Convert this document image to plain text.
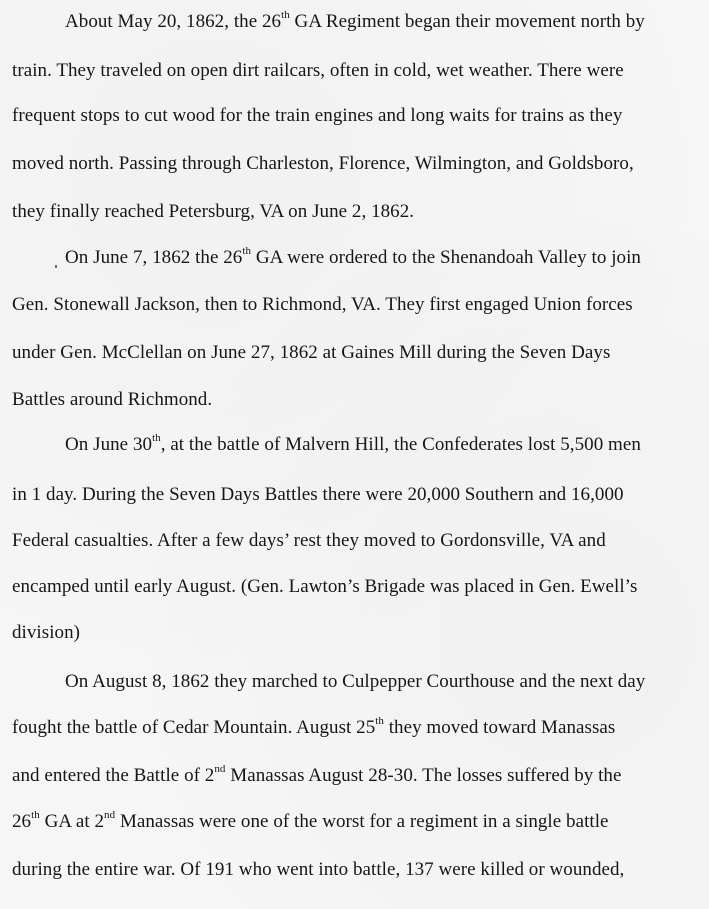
About May 20, 1862, the 26th GA Regiment began their movement north by
train. They traveled on open dirt railcars, often in cold, wet weather. There were
frequent stops to cut wood for the train engines and long waits for trains as they
moved north. Passing through Charleston, Florence, Wilmington, and Goldsboro,
they finally reached Petersburg, VA on June 2, 1862.
On June 7, 1862 the 26th GA were ordered to the Shenandoah Valley to join
Gen. Stonewall Jackson, then to Richmond, VA. They first engaged Union forces
under Gen. McClellan on June 27, 1862 at Gaines Mill during the Seven Days
Battles around Richmond.
On June 30th, at the battle of Malvern Hill, the Confederates lost 5,500 men
in 1 day. During the Seven Days Battles there were 20,000 Southern and 16,000
Federal casualties. After a few days’ rest they moved to Gordonsville, VA and
encamped until early August. (Gen. Lawton’s Brigade was placed in Gen. Ewell’s
division)
On August 8, 1862 they marched to Culpepper Courthouse and the next day
fought the battle of Cedar Mountain. August 25th they moved toward Manassas
and entered the Battle of 2nd Manassas August 28-30. The losses suffered by the
26th GA at 2nd Manassas were one of the worst for a regiment in a single battle
during the entire war. Of 191 who went into battle, 137 were killed or wounded,
